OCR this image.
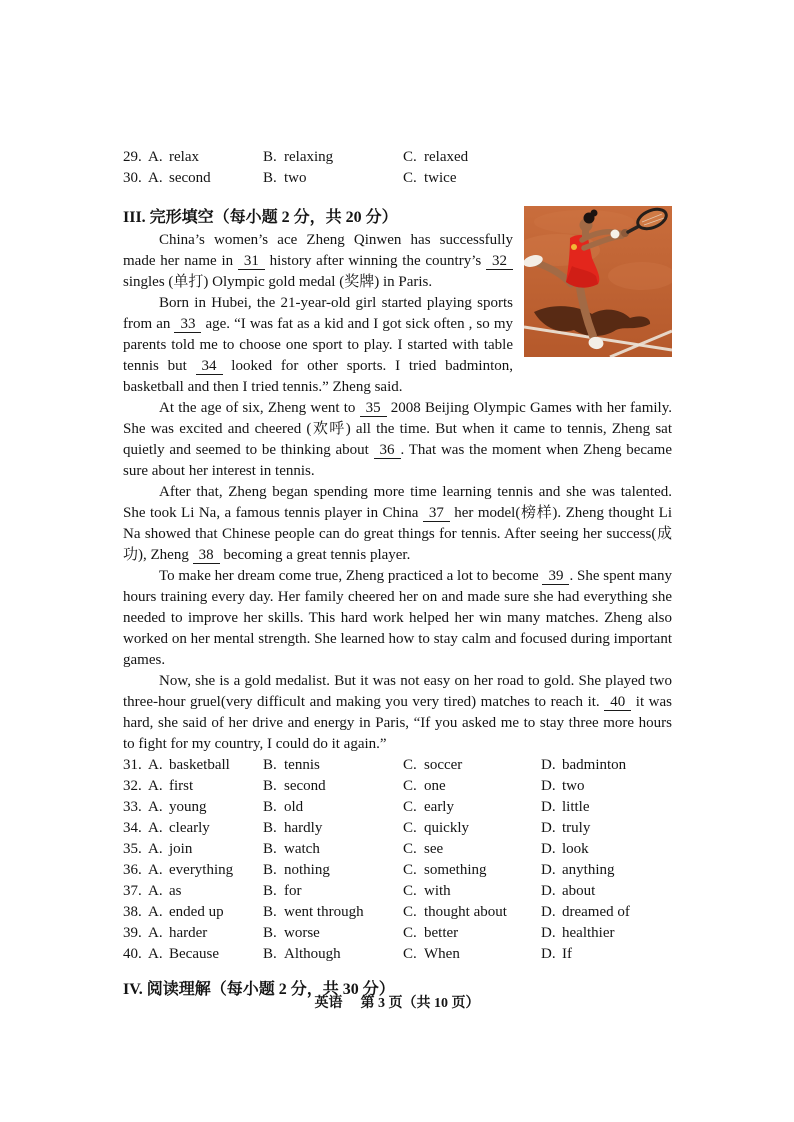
29. A. relax	B. relaxing	C. relaxed
30. A. second	B. two	C. twice
III. 完形填空（每小题 2 分，共 20 分）

China’s women’s ace Zheng Qinwen has successfully made her name in 31 history after winning the country’s 32 singles (单打) Olympic gold medal (奖牌) in Paris.

Born in Hubei, the 21-year-old girl started playing sports from an 33 age. “I was fat as a kid and I got sick often , so my parents told me to choose one sport to play. I started with table tennis but 34 looked for other sports. I tried badminton, basketball and then I tried tennis.” Zheng said.

At the age of six, Zheng went to 35 2008 Beijing Olympic Games with her family. She was excited and cheered (欢呼) all the time. But when it came to tennis, Zheng sat quietly and seemed to be thinking about 36 . That was the moment when Zheng became sure about her interest in tennis.

After that, Zheng began spending more time learning tennis and she was talented. She took Li Na, a famous tennis player in China 37 her model(榜样). Zheng thought Li Na showed that Chinese people can do great things for tennis. After seeing her success(成功), Zheng 38 becoming a great tennis player.

To make her dream come true, Zheng practiced a lot to become 39 . She spent many hours training every day. Her family cheered her on and made sure she had everything she needed to improve her skills. This hard work helped her win many matches. Zheng also worked on her mental strength. She learned how to stay calm and focused during important games.

Now, she is a gold medalist. But it was not easy on her road to gold. She played two three-hour gruel(very difficult and making you very tired) matches to reach it. 40 it was hard, she said of her drive and energy in Paris, “If you asked me to stay three more hours to fight for my country, I could do it again.”

31. A. basketball	B. tennis	C. soccer	D. badminton
32. A. first	B. second	C. one	D. two
33. A. young	B. old	C. early	D. little
34. A. clearly	B. hardly	C. quickly	D. truly
35. A. join	B. watch	C. see	D. look
36. A. everything	B. nothing	C. something	D. anything
37. A. as	B. for	C. with	D. about
38. A. ended up	B. went through	C. thought about	D. dreamed of
39. A. harder	B. worse	C. better	D. healthier
40. A. Because	B. Although	C. When	D. If
IV. 阅读理解（每小题 2 分，共 30 分）
英语 第 3 页（共 10 页）
